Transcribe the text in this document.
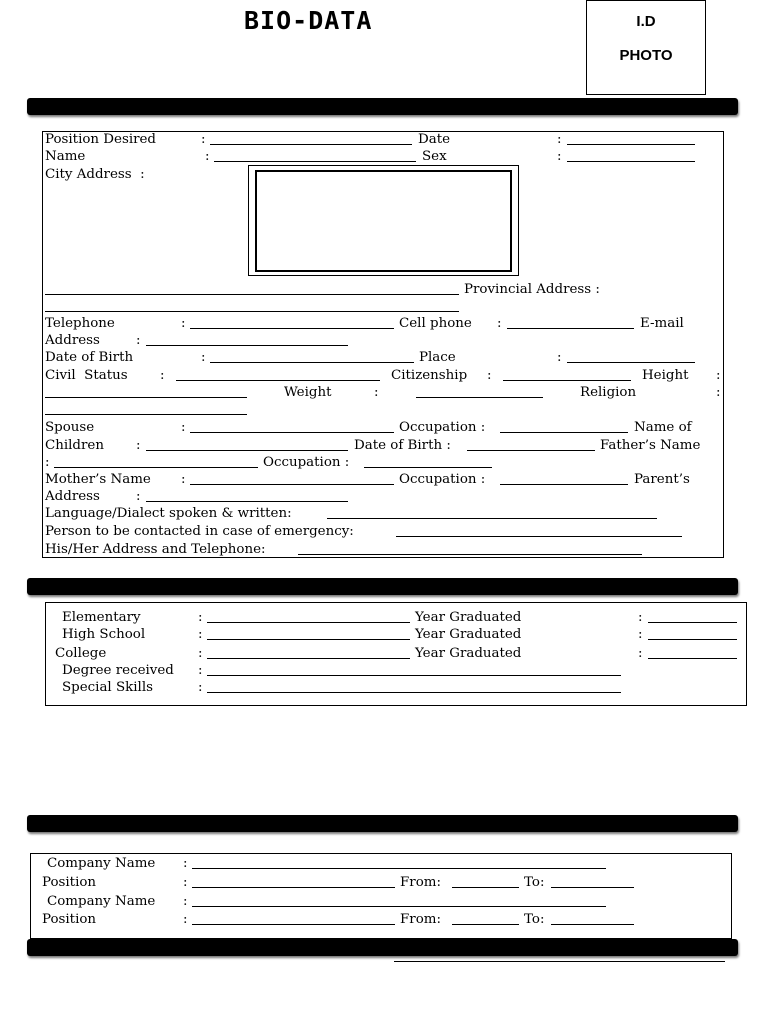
BIO-DATA	I.D
PHOTO
Position Desired	:	Date	:
Name	:	Sex	:
City Address  :
Provincial Address :
Telephone	:	Cell phone :	E-mail
Address	:
Date of Birth	:	Place	:
Civil  Status :	Citizenship :	Height :
Weight	:	Religion	:
Spouse	:	Occupation :	Name of
Children :	Date of Birth :	Father’s Name
:	Occupation :
Mother’s Name :	Occupation :	Parent’s
Address	:
Language/Dialect spoken & written:
Person to be contacted in case of emergency:
His/Her Address and Telephone:
Elementary	:	Year Graduated	:
High School	:	Year Graduated	:
College	:	Year Graduated	:
Degree received :
Special Skills	:
Company Name :
Position	:	From:	To:
Company Name :
Position	:	From:	To:
